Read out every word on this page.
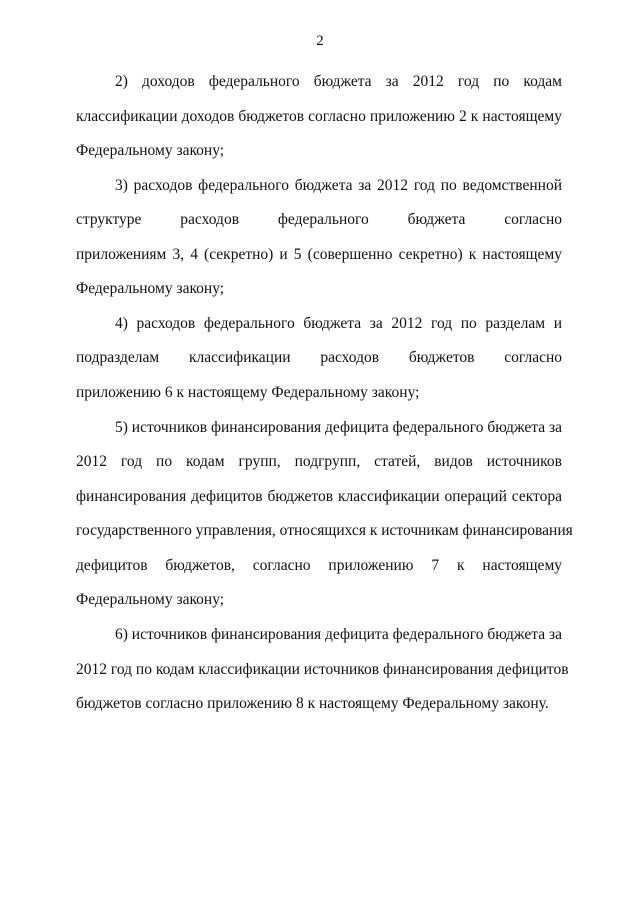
2
2) доходов федерального бюджета за 2012 год по кодам
классификации доходов бюджетов согласно приложению 2 к настоящему
Федеральному закону;
3) расходов федерального бюджета за 2012 год по ведомственной
структуре расходов федерального бюджета согласно
приложениям 3, 4 (секретно) и 5 (совершенно секретно) к настоящему
Федеральному закону;
4) расходов федерального бюджета за 2012 год по разделам и
подразделам классификации расходов бюджетов согласно
приложению 6 к настоящему Федеральному закону;
5) источников финансирования дефицита федерального бюджета за
2012 год по кодам групп, подгрупп, статей, видов источников
финансирования дефицитов бюджетов классификации операций сектора
государственного управления, относящихся к источникам финансирования
дефицитов бюджетов, согласно приложению 7 к настоящему
Федеральному закону;
6) источников финансирования дефицита федерального бюджета за
2012 год по кодам классификации источников финансирования дефицитов
бюджетов согласно приложению 8 к настоящему Федеральному закону.
